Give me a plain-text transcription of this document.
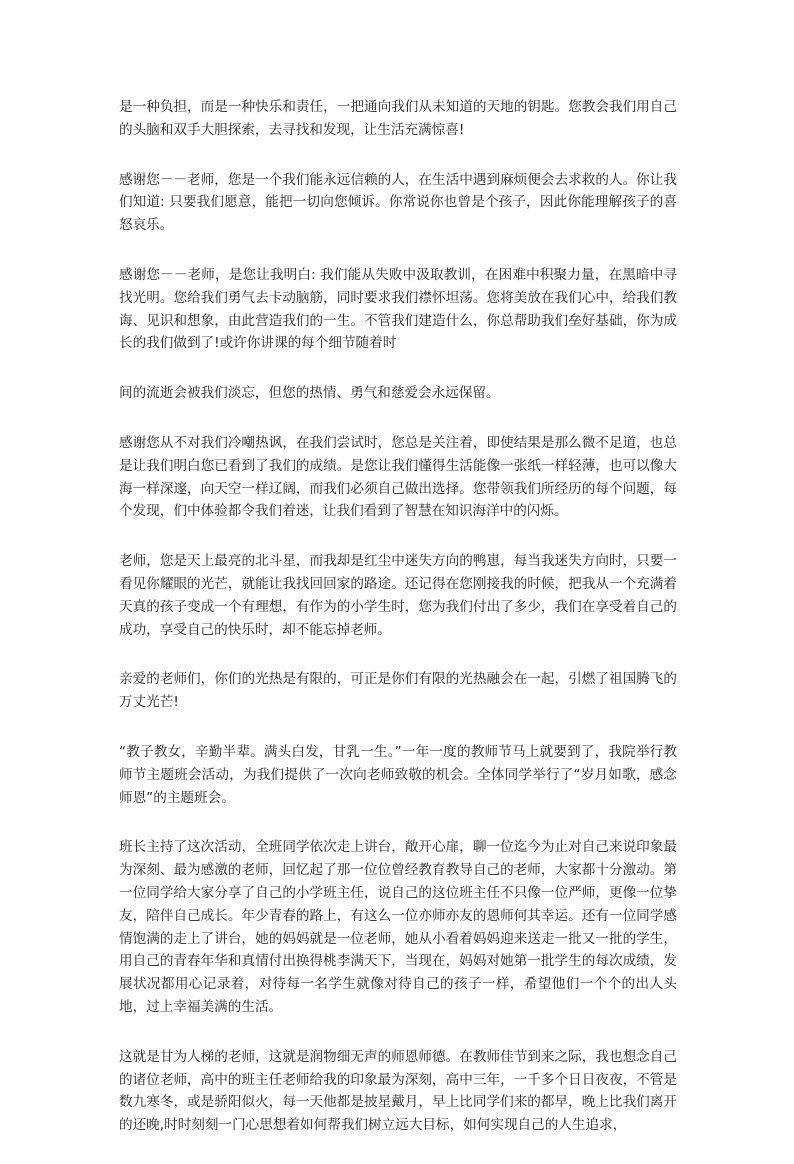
是一种负担，而是一种快乐和责任，一把通向我们从未知道的天地的钥匙。您教会我们用自己的头脑和双手大胆探索，去寻找和发现，让生活充满惊喜!

感谢您－－老师，您是一个我们能永远信赖的人，在生活中遇到麻烦便会去求救的人。你让我们知道: 只要我们愿意，能把一切向您倾诉。你常说你也曾是个孩子，因此你能理解孩子的喜怒哀乐。

感谢您－－老师，是您让我明白: 我们能从失败中汲取教训，在困难中积聚力量，在黑暗中寻找光明。您给我们勇气去卡动脑筋，同时要求我们襟怀坦荡。您将美放在我们心中，给我们教诲、见识和想象，由此营造我们的一生。不管我们建造什么，你总帮助我们垒好基础，你为成长的我们做到了!或许你讲课的每个细节随着时

间的流逝会被我们淡忘，但您的热情、勇气和慈爱会永远保留。

感谢您从不对我们冷嘲热讽，在我们尝试时，您总是关注着，即使结果是那么微不足道，也总是让我们明白您已看到了我们的成绩。是您让我们懂得生活能像一张纸一样轻薄，也可以像大海一样深邃，向天空一样辽阔，而我们必须自己做出选择。您带领我们所经历的每个问题，每个发现，们中体验都令我们着迷，让我们看到了智慧在知识海洋中的闪烁。

老师，您是天上最亮的北斗星，而我却是红尘中迷失方向的鸭崽，每当我迷失方向时，只要一看见你耀眼的光芒，就能让我找回回家的路途。还记得在您刚接我的时候，把我从一个充满着天真的孩子变成一个有理想，有作为的小学生时，您为我们付出了多少，我们在享受着自己的成功，享受自己的快乐时，却不能忘掉老师。

亲爱的老师们，你们的光热是有限的，可正是你们有限的光热融会在一起，引燃了祖国腾飞的万丈光芒!

“教子教女，辛勤半辈。满头白发，甘乳一生。”一年一度的教师节马上就要到了，我院举行教师节主题班会活动，为我们提供了一次向老师致敬的机会。全体同学举行了“岁月如歌，感念师恩”的主题班会。

班长主持了这次活动，全班同学依次走上讲台，敞开心扉，聊一位迄今为止对自己来说印象最为深刻、最为感激的老师，回忆起了那一位位曾经教育教导自己的老师，大家都十分激动。第一位同学给大家分享了自己的小学班主任，说自己的这位班主任不只像一位严师，更像一位挚友，陪伴自己成长。年少青春的路上，有这么一位亦师亦友的恩师何其幸运。还有一位同学感情饱满的走上了讲台，她的妈妈就是一位老师，她从小看着妈妈迎来送走一批又一批的学生，用自己的青春年华和真情付出换得桃李满天下，当现在，妈妈对她第一批学生的每次成绩，发展状况都用心记录着，对待每一名学生就像对待自己的孩子一样，希望他们一个个的出人头地，过上幸福美满的生活。

这就是甘为人梯的老师，这就是润物细无声的师恩师德。在教师佳节到来之际，我也想念自己的诸位老师，高中的班主任老师给我的印象最为深刻，高中三年，一千多个日日夜夜，不管是数九寒冬，或是骄阳似火，每一天他都是披星戴月，早上比同学们来的都早，晚上比我们离开的还晚,时时刻刻一门心思想着如何帮我们树立远大目标，如何实现自己的人生追求，
